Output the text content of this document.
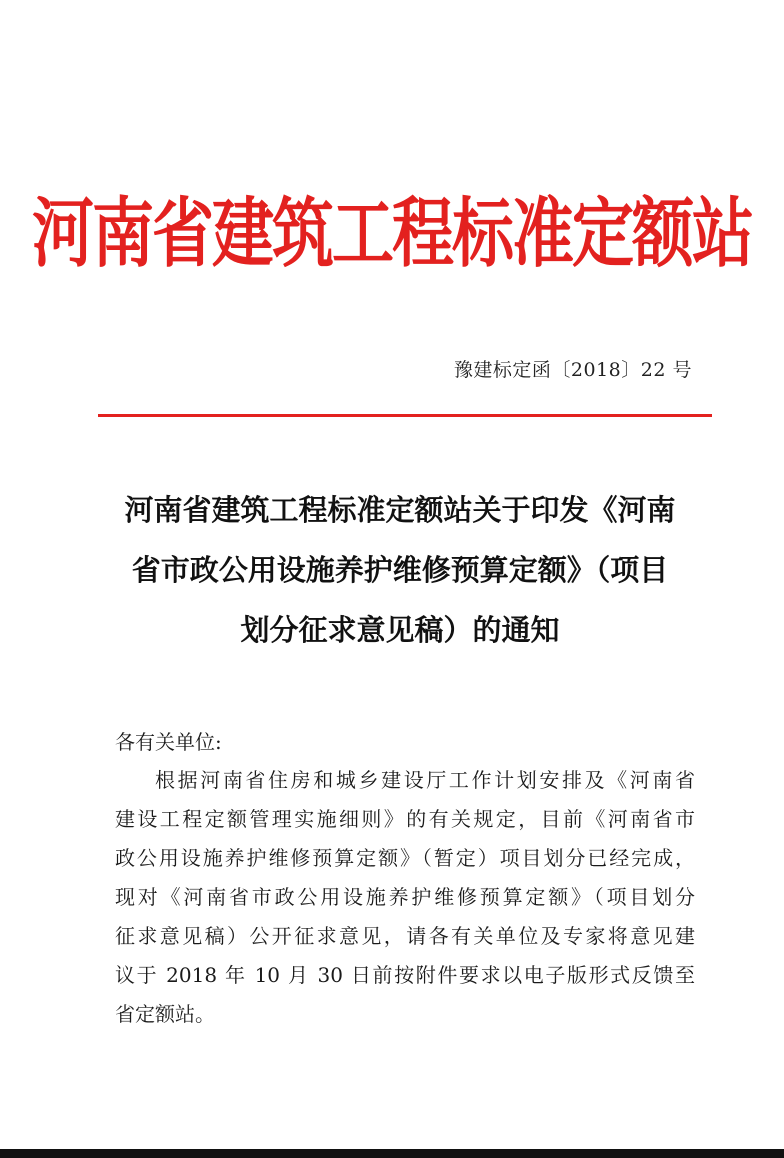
河南省建筑工程标准定额站
豫建标定函〔2018〕22 号
河南省建筑工程标准定额站关于印发《河南
省市政公用设施养护维修预算定额》（项目
划分征求意见稿）的通知
各有关单位:
根据河南省住房和城乡建设厅工作计划安排及《河南省
建设工程定额管理实施细则》的有关规定，目前《河南省市
政公用设施养护维修预算定额》（暂定）项目划分已经完成，
现对《河南省市政公用设施养护维修预算定额》（项目划分
征求意见稿）公开征求意见，请各有关单位及专家将意见建
议于 2018 年 10 月 30 日前按附件要求以电子版形式反馈至
省定额站。
